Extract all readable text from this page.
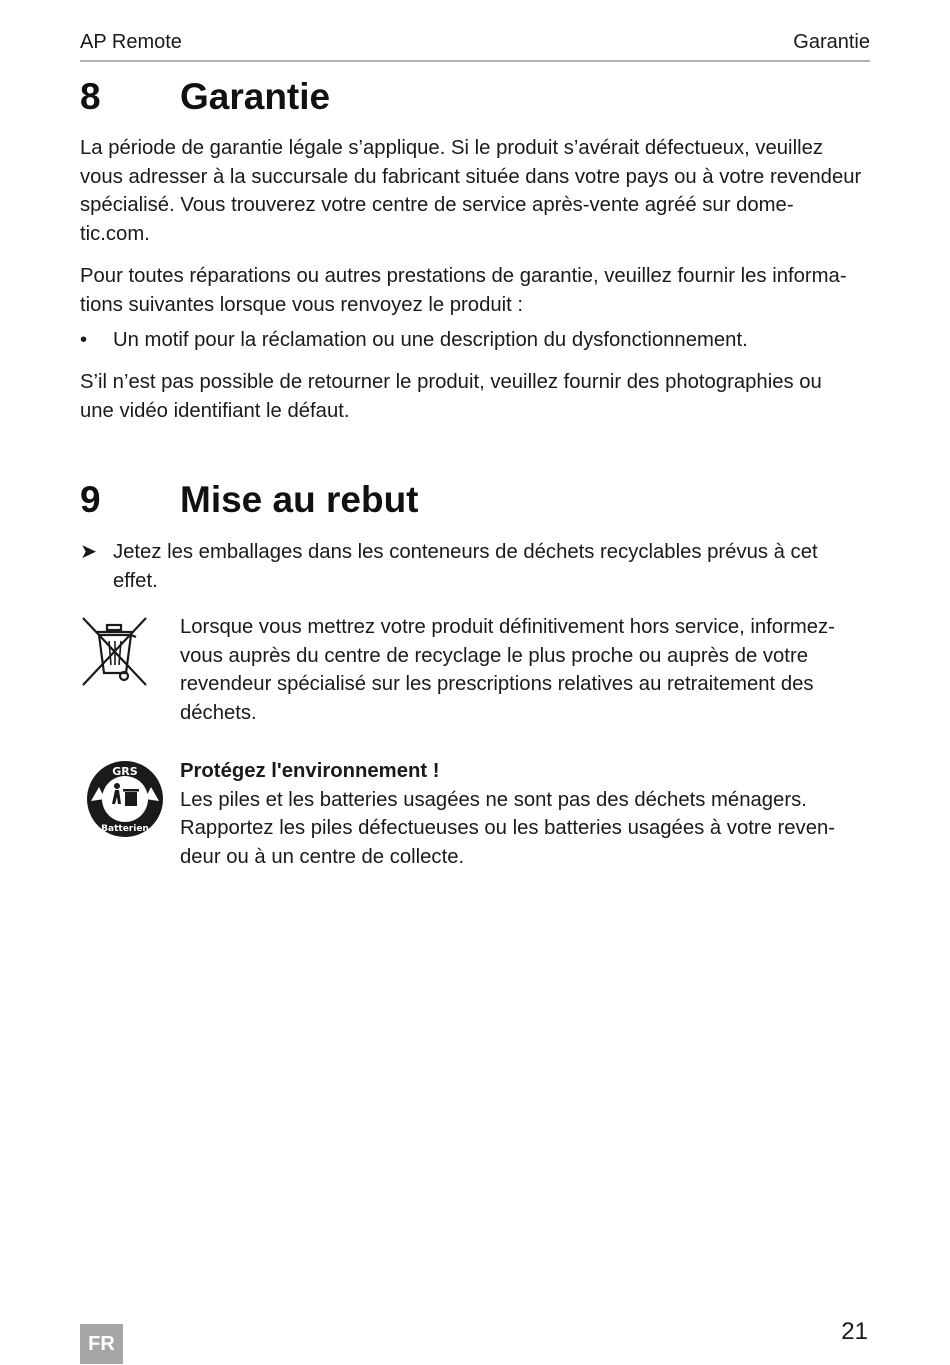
AP Remote	Garantie
8 Garantie

La période de garantie légale s’applique. Si le produit s’avérait défectueux, veuillez
vous adresser à la succursale du fabricant située dans votre pays ou à votre revendeur
spécialisé. Vous trouverez votre centre de service après-vente agréé sur dome-
tic.com.

Pour toutes réparations ou autres prestations de garantie, veuillez fournir les informa-
tions suivantes lorsque vous renvoyez le produit :

•	Un motif pour la réclamation ou une description du dysfonctionnement.

S’il n’est pas possible de retourner le produit, veuillez fournir des photographies ou
une vidéo identifiant le défaut.

9 Mise au rebut
➤ Jetez les emballages dans les conteneurs de déchets recyclables prévus à cet
effet.
Lorsque vous mettrez votre produit définitivement hors service, informez-
vous auprès du centre de recyclage le plus proche ou auprès de votre
revendeur spécialisé sur les prescriptions relatives au retraitement des
déchets.
GRS
Batterien
Protégez l'environnement !
Les piles et les batteries usagées ne sont pas des déchets ménagers.
Rapportez les piles défectueuses ou les batteries usagées à votre reven-
deur ou à un centre de collecte.
FR	21
